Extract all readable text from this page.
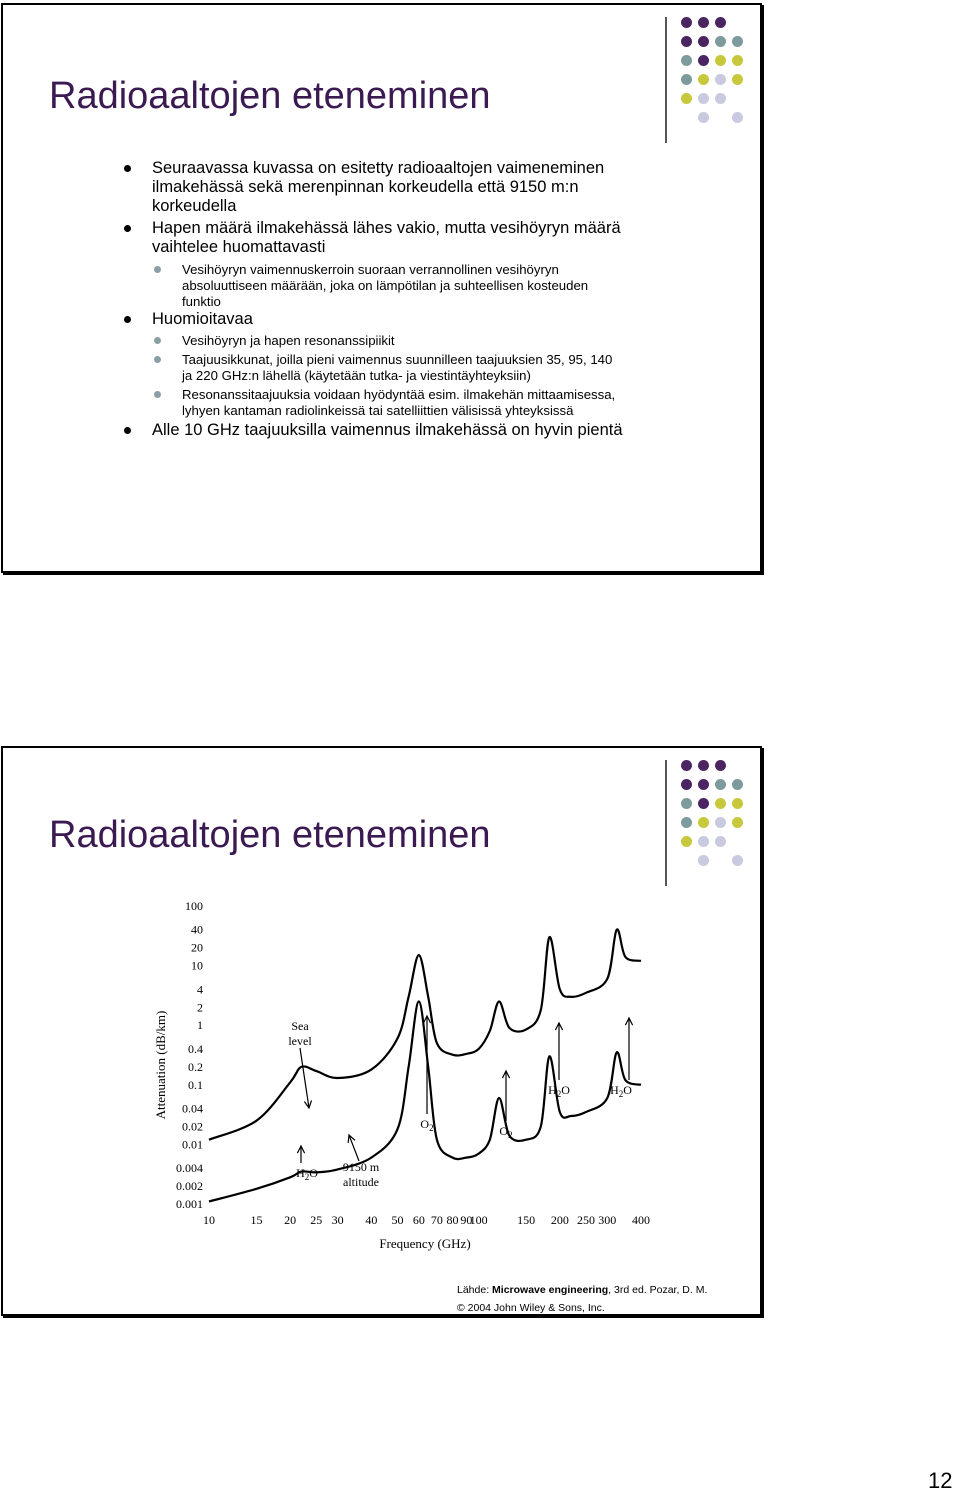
Radioaaltojen eteneminen
Seuraavassa kuvassa on esitetty radioaaltojen vaimeneminen
ilmakehässä sekä merenpinnan korkeudella että 9150 m:n
korkeudella
Hapen määrä ilmakehässä lähes vakio, mutta vesihöyryn määrä
vaihtelee huomattavasti
Vesihöyryn vaimennuskerroin suoraan verrannollinen vesihöyryn
absoluuttiseen määrään, joka on lämpötilan ja suhteellisen kosteuden
funktio
Huomioitavaa
Vesihöyryn ja hapen resonanssipiikit
Taajuusikkunat, joilla pieni vaimennus suunnilleen taajuuksien 35, 95, 140
ja 220 GHz:n lähellä (käytetään tutka- ja viestintäyhteyksiin)
Resonanssitaajuuksia voidaan hyödyntää esim. ilmakehän mittaamisessa,
lyhyen kantaman radiolinkeissä tai satelliittien välisissä yhteyksissä
Alle 10 GHz taajuuksilla vaimennus ilmakehässä on hyvin pientä
Radioaaltojen eteneminen
100
40
20
10
4
2
1
0.4
0.2
0.1
0.04
0.02
0.01
0.004
0.002
0.001
10	15 20 25 30 40 50 60 70 80 90
100 150 200 250 300 400
Sea
level
9150 m
altitude
$H_2O$
$O_2$	$O_2$
$H_2O$	$H_2O$
Frequency (GHz)
Attenuation (dB/km)
Lähde: Microwave engineering, 3rd ed. Pozar, D. M.
© 2004 John Wiley & Sons, Inc.
12
